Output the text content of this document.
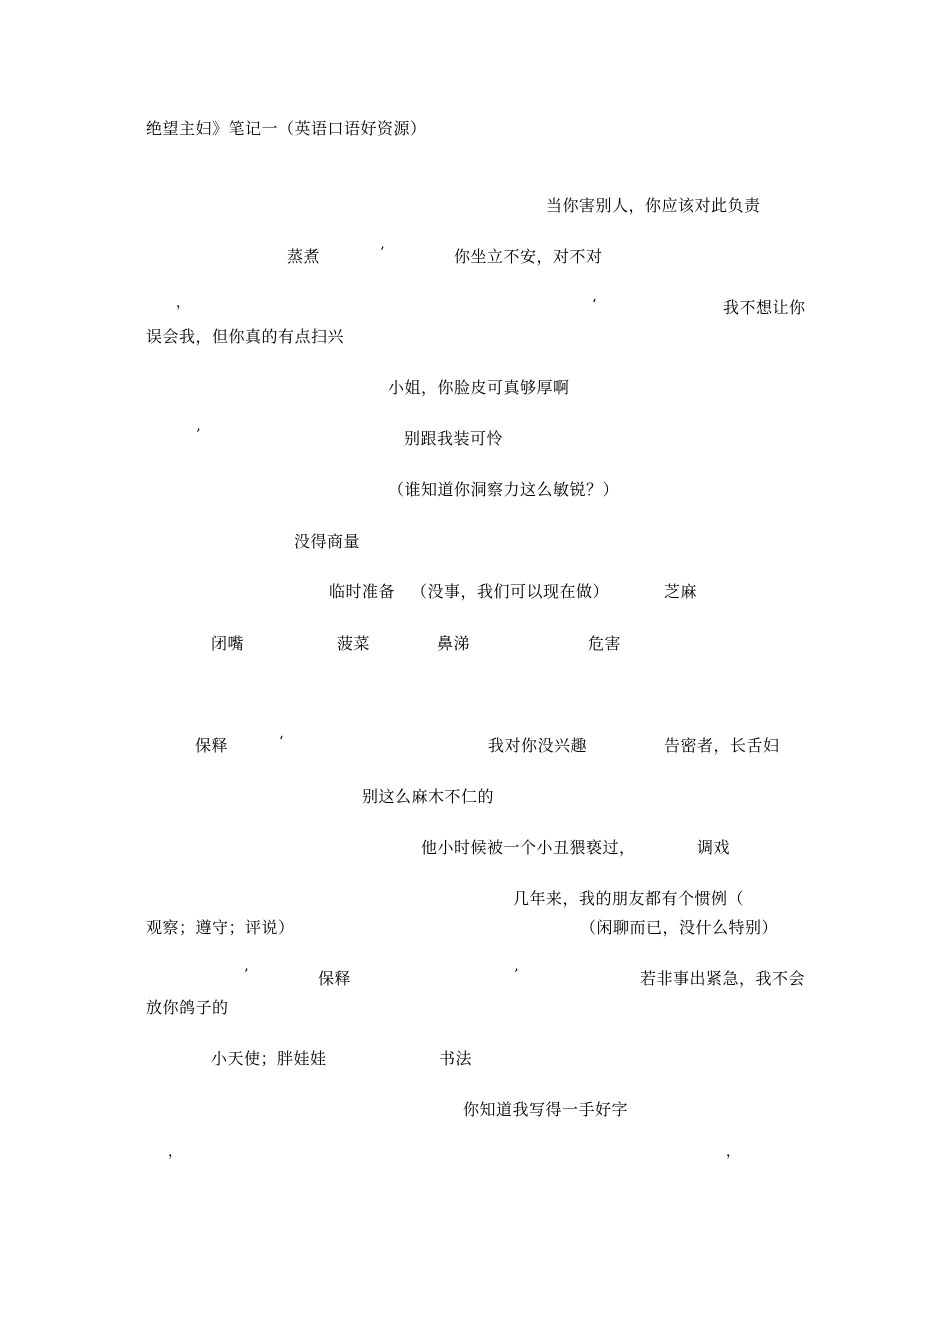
绝望主妇》笔记一（英语口语好资源）
当你害别人，你应该对此负责
蒸煮	’	你坐立不安，对不对
，	‘	我不想让你
误会我，但你真的有点扫兴
小姐，你脸皮可真够厚啊
’	别跟我装可怜
（谁知道你洞察力这么敏锐？）
没得商量
临时准备 （没事，我们可以现在做）	芝麻
闭嘴	菠菜	鼻涕	危害
保释	‘	我对你没兴趣	告密者，长舌妇
别这么麻木不仁的
他小时候被一个小丑猥亵过，	调戏
几年来，我的朋友都有个惯例（
观察；遵守；评说）	（闲聊而已，没什么特别）
’	保释	’	若非事出紧急，我不会
放你鸽子的
小天使；胖娃娃	书法
你知道我写得一手好字
，	，
